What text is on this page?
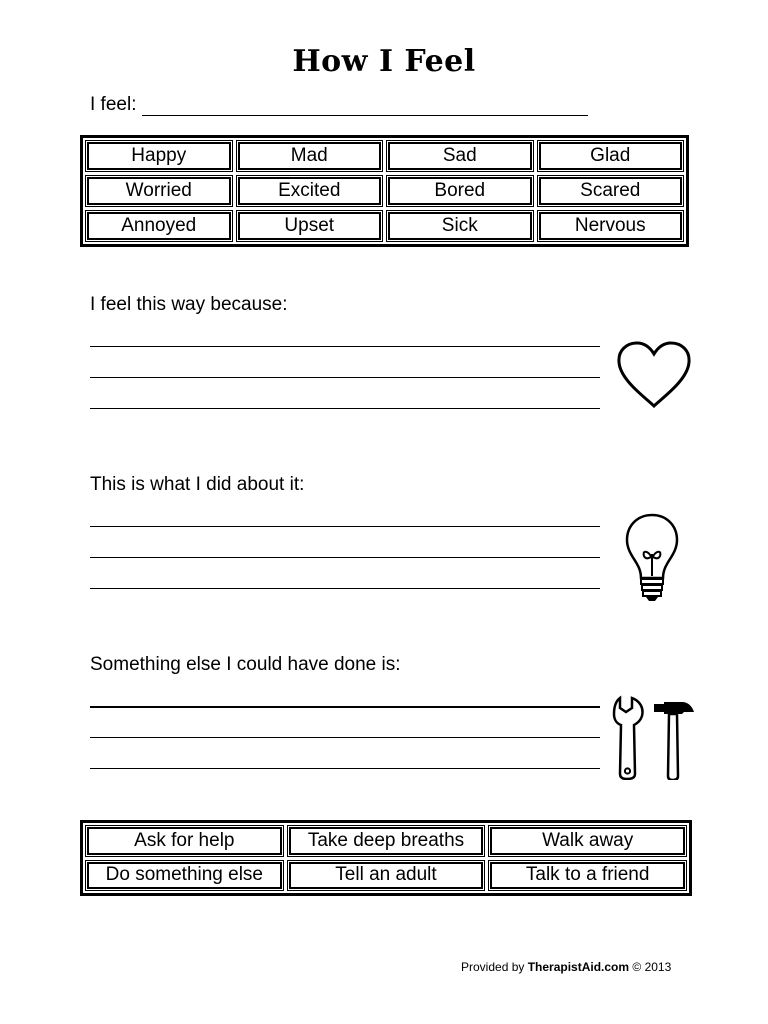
How I Feel
I feel:
Happy	Mad	Sad	Glad
Worried	Excited	Bored	Scared
Annoyed	Upset	Sick	Nervous
I feel this way because:
This is what I did about it:
Something else I could have done is:
Ask for help	Take deep breaths	Walk away
Do something else	Tell an adult	Talk to a friend
Provided by TherapistAid.com © 2013
